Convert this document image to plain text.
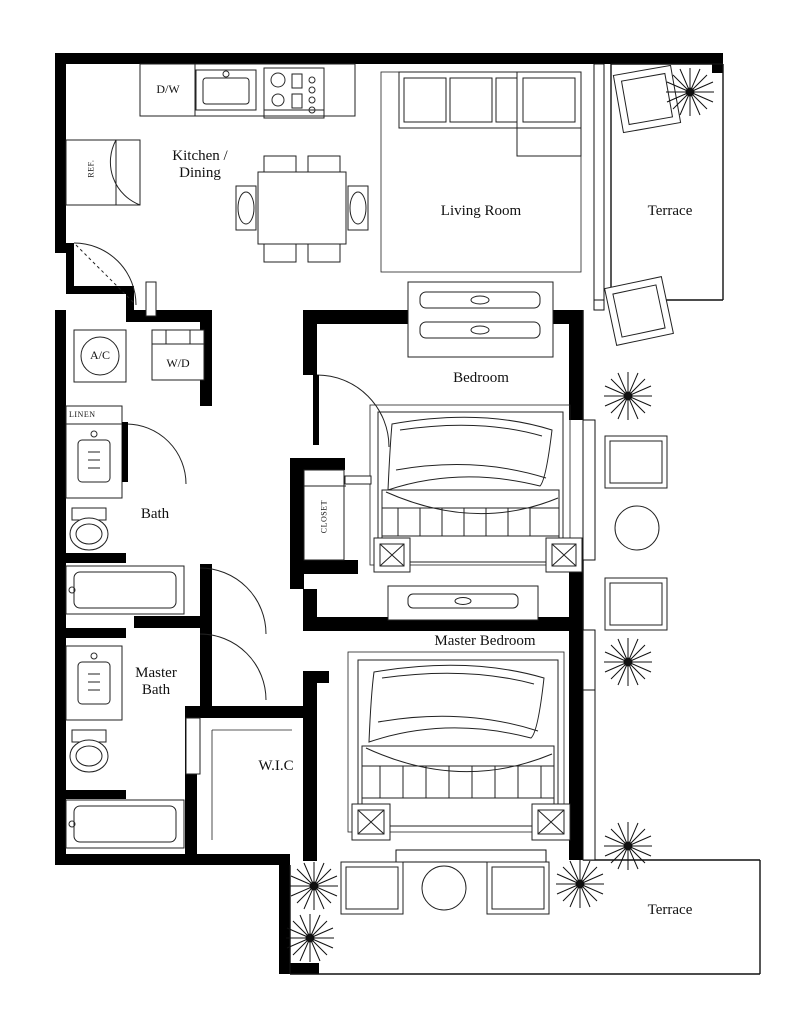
Kitchen /
Dining
Living Room	Terrace
Terrace
Bedroom
Master Bedroom
Bath
Master
Bath
W.I.C
CLOSET
LINEN
D/W
REF.
A/C
W/D
